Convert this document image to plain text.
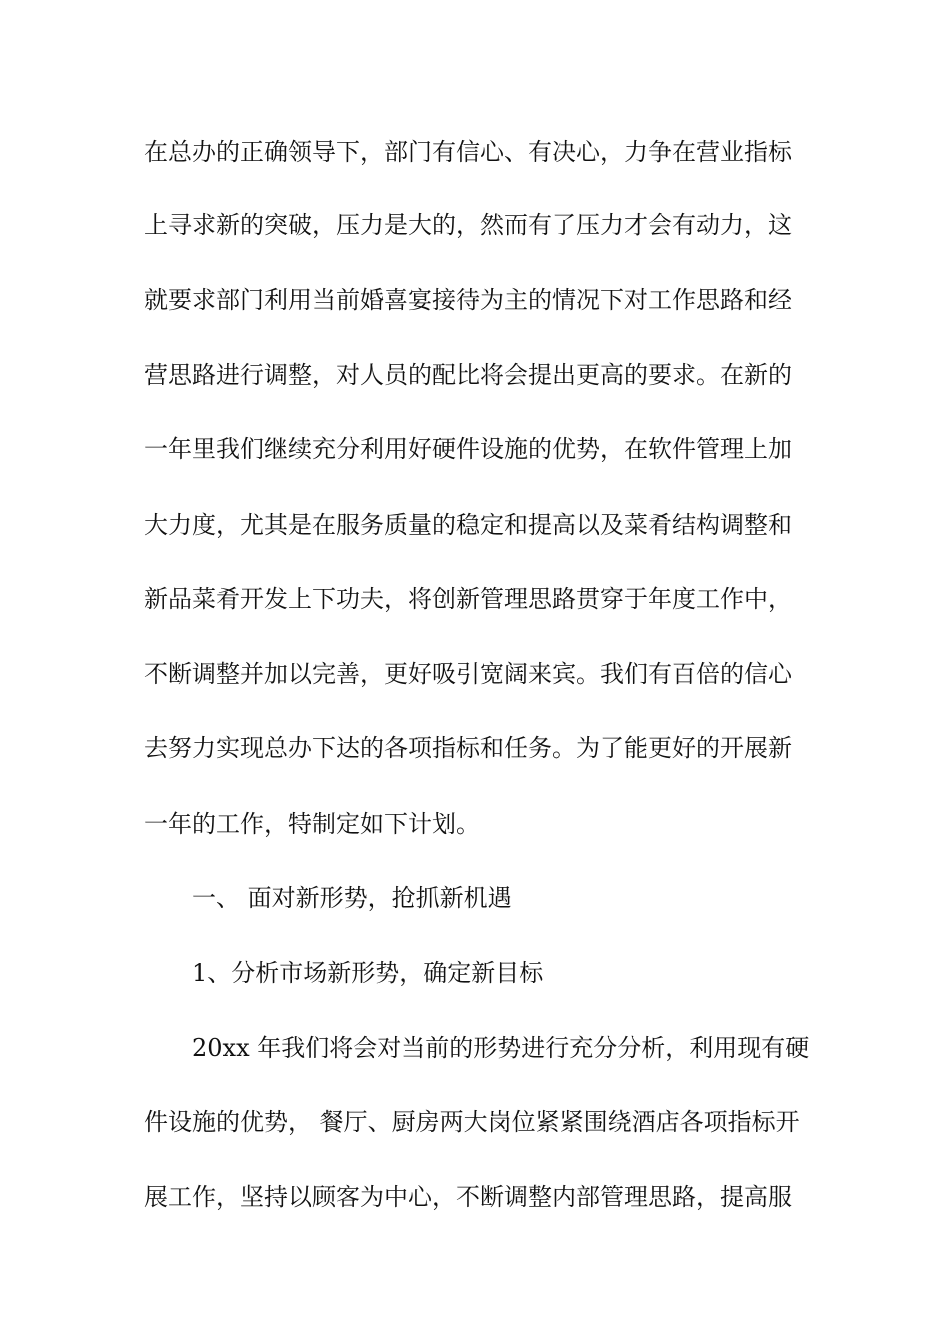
在总办的正确领导下，部门有信心、有决心，力争在营业指标
上寻求新的突破，压力是大的，然而有了压力才会有动力，这
就要求部门利用当前婚喜宴接待为主的情况下对工作思路和经
营思路进行调整，对人员的配比将会提出更高的要求。在新的
一年里我们继续充分利用好硬件设施的优势，在软件管理上加
大力度，尤其是在服务质量的稳定和提高以及菜肴结构调整和
新品菜肴开发上下功夫，将创新管理思路贯穿于年度工作中，
不断调整并加以完善，更好吸引宽阔来宾。我们有百倍的信心
去努力实现总办下达的各项指标和任务。为了能更好的开展新
一年的工作，特制定如下计划。
一、 面对新形势，抢抓新机遇
1、分析市场新形势，确定新目标
20xx 年我们将会对当前的形势进行充分分析，利用现有硬
件设施的优势， 餐厅、厨房两大岗位紧紧围绕酒店各项指标开
展工作，坚持以顾客为中心，不断调整内部管理思路，提高服
